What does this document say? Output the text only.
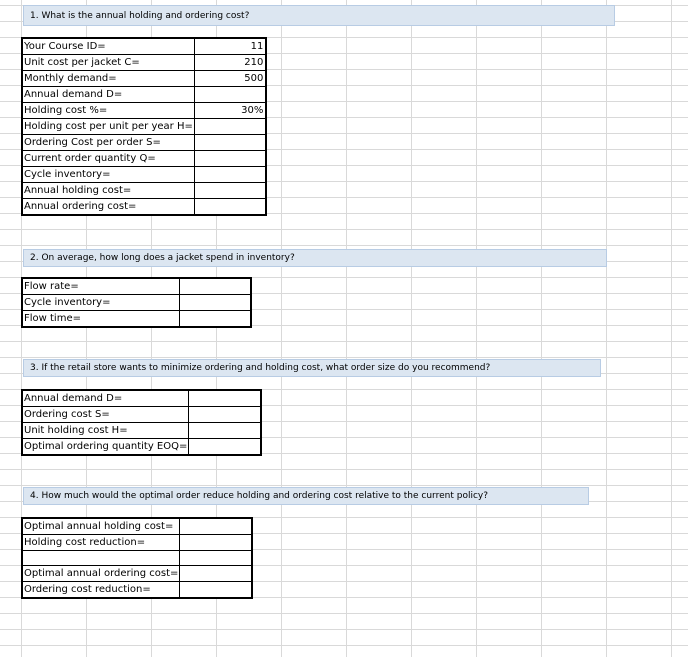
1. What is the annual holding and ordering cost?
Your Course ID=	11
Unit cost per jacket C=	210
Monthly demand=	500
Annual demand D=	
Holding cost %=	30%
Holding cost per unit per year H=	
Ordering Cost per order S=	
Current order quantity Q=	
Cycle inventory=	
Annual holding cost=	
Annual ordering cost=	
2. On average, how long does a jacket spend in inventory?
Flow rate=	
Cycle inventory=	
Flow time=	
3. If the retail store wants to minimize ordering and holding cost, what order size do you recommend?
Annual demand D=	
Ordering cost S=	
Unit holding cost H=	
Optimal ordering quantity EOQ=	
4. How much would the optimal order reduce holding and ordering cost relative to the current policy?
Optimal annual holding cost=	
Holding cost reduction=	

Optimal annual ordering cost=	
Ordering cost reduction=	
